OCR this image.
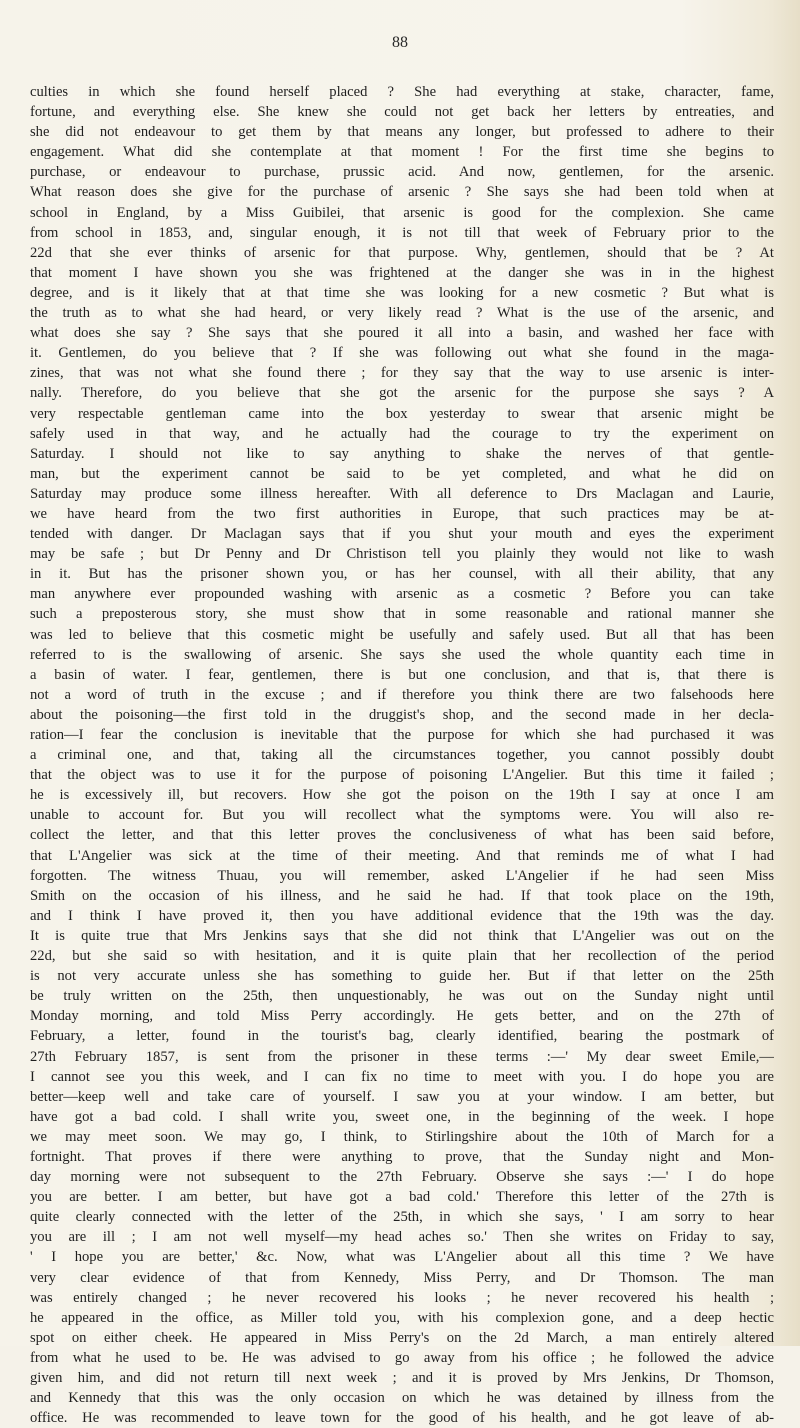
88
culties in which she found herself placed ? She had everything at stake, character, fame,
fortune, and everything else. She knew she could not get back her letters by entreaties, and
she did not endeavour to get them by that means any longer, but professed to adhere to their
engagement. What did she contemplate at that moment ! For the first time she begins to
purchase, or endeavour to purchase, prussic acid. And now, gentlemen, for the arsenic.
What reason does she give for the purchase of arsenic ? She says she had been told when at
school in England, by a Miss Guibilei, that arsenic is good for the complexion. She came
from school in 1853, and, singular enough, it is not till that week of February prior to the
22d that she ever thinks of arsenic for that purpose. Why, gentlemen, should that be ? At
that moment I have shown you she was frightened at the danger she was in in the highest
degree, and is it likely that at that time she was looking for a new cosmetic ? But what is
the truth as to what she had heard, or very likely read ? What is the use of the arsenic, and
what does she say ? She says that she poured it all into a basin, and washed her face with
it. Gentlemen, do you believe that ? If she was following out what she found in the maga-
zines, that was not what she found there ; for they say that the way to use arsenic is inter-
nally. Therefore, do you believe that she got the arsenic for the purpose she says ? A
very respectable gentleman came into the box yesterday to swear that arsenic might be
safely used in that way, and he actually had the courage to try the experiment on
Saturday. I should not like to say anything to shake the nerves of that gentle-
man, but the experiment cannot be said to be yet completed, and what he did on
Saturday may produce some illness hereafter. With all deference to Drs Maclagan and Laurie,
we have heard from the two first authorities in Europe, that such practices may be at-
tended with danger. Dr Maclagan says that if you shut your mouth and eyes the experiment
may be safe ; but Dr Penny and Dr Christison tell you plainly they would not like to wash
in it. But has the prisoner shown you, or has her counsel, with all their ability, that any
man anywhere ever propounded washing with arsenic as a cosmetic ? Before you can take
such a preposterous story, she must show that in some reasonable and rational manner she
was led to believe that this cosmetic might be usefully and safely used. But all that has been
referred to is the swallowing of arsenic. She says she used the whole quantity each time in
a basin of water. I fear, gentlemen, there is but one conclusion, and that is, that there is
not a word of truth in the excuse ; and if therefore you think there are two falsehoods here
about the poisoning—the first told in the druggist's shop, and the second made in her decla-
ration—I fear the conclusion is inevitable that the purpose for which she had purchased it was
a criminal one, and that, taking all the circumstances together, you cannot possibly doubt
that the object was to use it for the purpose of poisoning L'Angelier. But this time it failed ;
he is excessively ill, but recovers. How she got the poison on the 19th I say at once I am
unable to account for. But you will recollect what the symptoms were. You will also re-
collect the letter, and that this letter proves the conclusiveness of what has been said before,
that L'Angelier was sick at the time of their meeting. And that reminds me of what I had
forgotten. The witness Thuau, you will remember, asked L'Angelier if he had seen Miss
Smith on the occasion of his illness, and he said he had. If that took place on the 19th,
and I think I have proved it, then you have additional evidence that the 19th was the day.
It is quite true that Mrs Jenkins says that she did not think that L'Angelier was out on the
22d, but she said so with hesitation, and it is quite plain that her recollection of the period
is not very accurate unless she has something to guide her. But if that letter on the 25th
be truly written on the 25th, then unquestionably, he was out on the Sunday night until
Monday morning, and told Miss Perry accordingly. He gets better, and on the 27th of
February, a letter, found in the tourist's bag, clearly identified, bearing the postmark of
27th February 1857, is sent from the prisoner in these terms :—' My dear sweet Emile,—
I cannot see you this week, and I can fix no time to meet with you. I do hope you are
better—keep well and take care of yourself. I saw you at your window. I am better, but
have got a bad cold. I shall write you, sweet one, in the beginning of the week. I hope
we may meet soon. We may go, I think, to Stirlingshire about the 10th of March for a
fortnight. That proves if there were anything to prove, that the Sunday night and Mon-
day morning were not subsequent to the 27th February. Observe she says :—' I do hope
you are better. I am better, but have got a bad cold.' Therefore this letter of the 27th is
quite clearly connected with the letter of the 25th, in which she says, ' I am sorry to hear
you are ill ; I am not well myself—my head aches so.' Then she writes on Friday to say,
' I hope you are better,' &c. Now, what was L'Angelier about all this time ? We have
very clear evidence of that from Kennedy, Miss Perry, and Dr Thomson. The man
was entirely changed ; he never recovered his looks ; he never recovered his health ;
he appeared in the office, as Miller told you, with his complexion gone, and a deep hectic
spot on either cheek. He appeared in Miss Perry's on the 2d March, a man entirely altered
from what he used to be. He was advised to go away from his office ; he followed the advice
given him, and did not return till next week ; and it is proved by Mrs Jenkins, Dr Thomson,
and Kennedy that this was the only occasion on which he was detained by illness from the
office. He was recommended to leave town for the good of his health, and he got leave of ab-
